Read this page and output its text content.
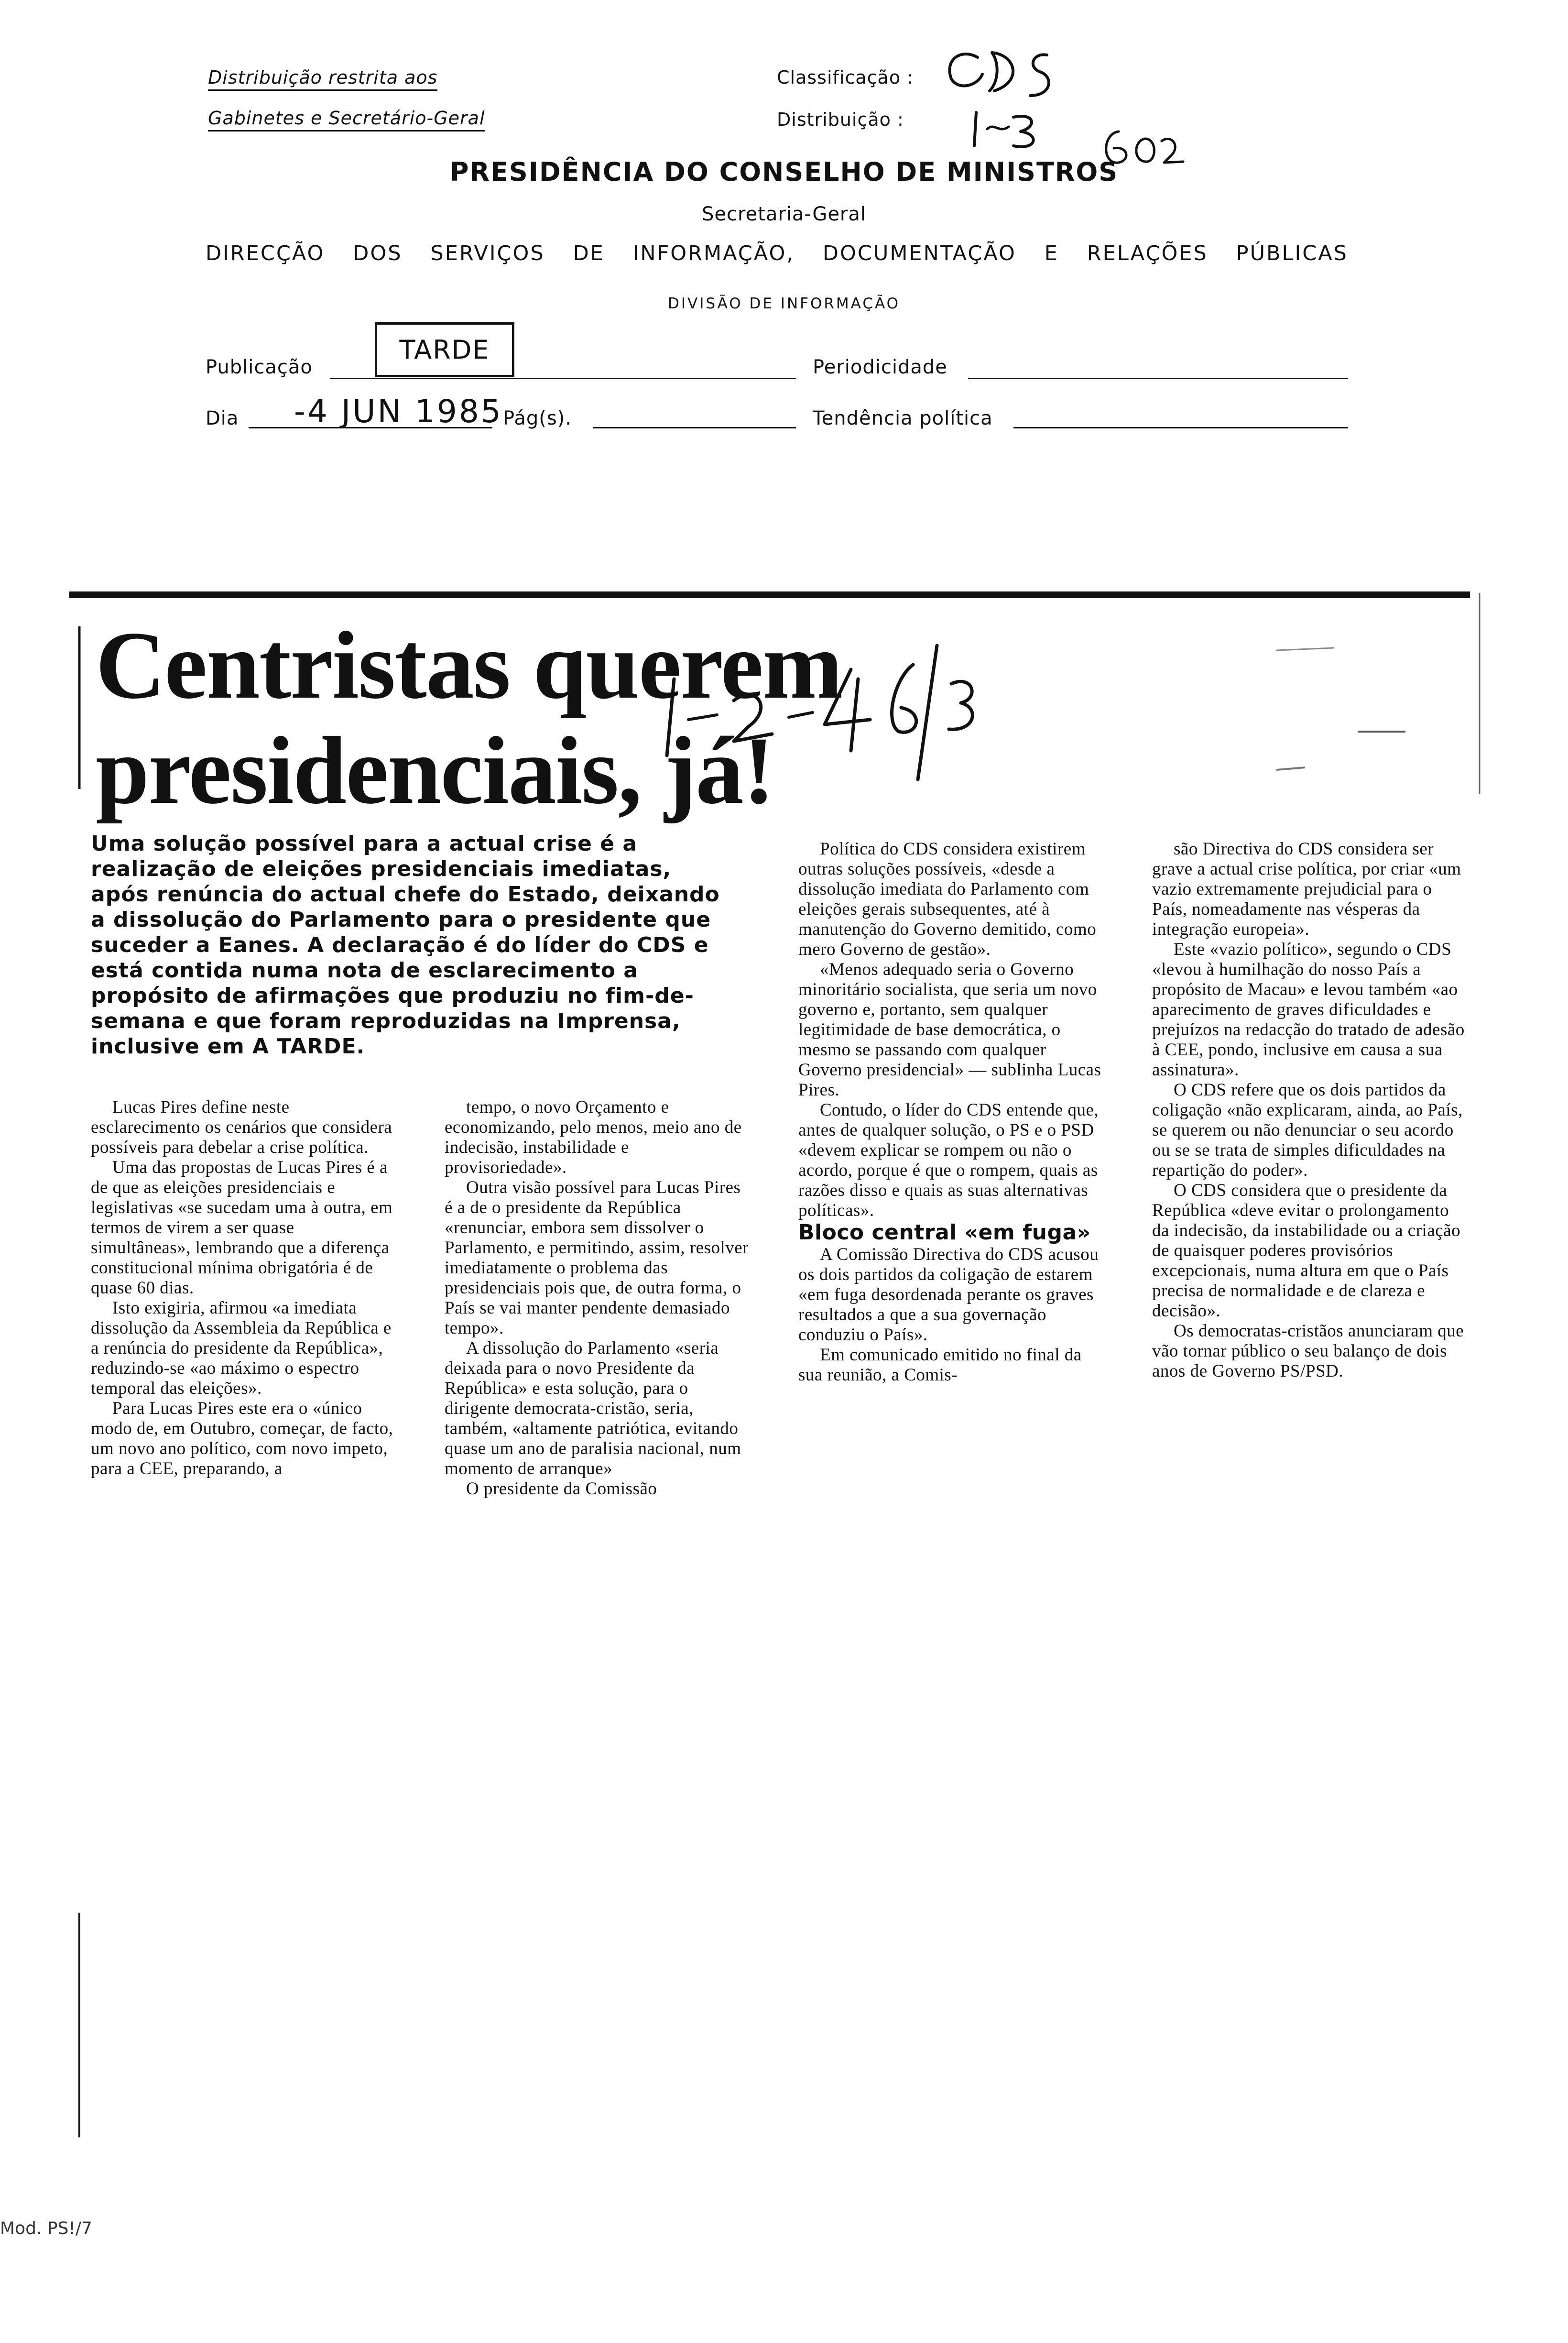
Distribuição restrita aos
Gabinetes e Secretário-Geral
Classificação :
Distribuição :
PRESIDÊNCIA DO CONSELHO DE MINISTROS
Secretaria-Geral
DIRECÇÃO DOS SERVIÇOS DE INFORMAÇÃO, DOCUMENTAÇÃO E RELAÇÕES PÚBLICAS
DIVISÃO DE INFORMAÇÃO
Publicação
TARDE
Periodicidade
Dia -4 JUN 1985 Pág(s).	Tendência política
Centristas querem
presidenciais, já!
Uma solução possível para a actual crise é a realização de eleições presidenciais imediatas, após renúncia do actual chefe do Estado, deixando a dissolução do Parlamento para o presidente que suceder a Eanes. A declaração é do líder do CDS e está contida numa nota de esclarecimento a propósito de afirmações que produziu no fim-de-semana e que foram reproduzidas na Imprensa, inclusive em A TARDE.

Lucas Pires define neste esclarecimento os cenários que considera possíveis para debelar a crise política.

Uma das propostas de Lucas Pires é a de que as eleições presidenciais e legislativas «se sucedam uma à outra, em termos de virem a ser quase simultâneas», lembrando que a diferença constitucional mínima obrigatória é de quase 60 dias.

Isto exigiria, afirmou «a imediata dissolução da Assembleia da República e a renúncia do presidente da República», reduzindo-se «ao máximo o espectro temporal das eleições».

Para Lucas Pires este era o «único modo de, em Outubro, começar, de facto, um novo ano político, com novo impeto, para a CEE, preparando, a

tempo, o novo Orçamento e economizando, pelo menos, meio ano de indecisão, instabilidade e provisoriedade».

Outra visão possível para Lucas Pires é a de o presidente da República «renunciar, embora sem dissolver o Parlamento, e permitindo, assim, resolver imediatamente o problema das presidenciais pois que, de outra forma, o País se vai manter pendente demasiado tempo».

A dissolução do Parlamento «seria deixada para o novo Presidente da República» e esta solução, para o dirigente democrata-cristão, seria, também, «altamente patriótica, evitando quase um ano de paralisia nacional, num momento de arranque»

O presidente da Comissão

Política do CDS considera existirem outras soluções possíveis, «desde a dissolução imediata do Parlamento com eleições gerais subsequentes, até à manutenção do Governo demitido, como mero Governo de gestão».

«Menos adequado seria o Governo minoritário socialista, que seria um novo governo e, portanto, sem qualquer legitimidade de base democrática, o mesmo se passando com qualquer Governo presidencial» — sublinha Lucas Pires.

Contudo, o líder do CDS entende que, antes de qualquer solução, o PS e o PSD «devem explicar se rompem ou não o acordo, porque é que o rompem, quais as razões disso e quais as suas alternativas políticas».

Bloco central «em fuga»

A Comissão Directiva do CDS acusou os dois partidos da coligação de estarem «em fuga desordenada perante os graves resultados a que a sua governação conduziu o País».

Em comunicado emitido no final da sua reunião, a Comis-

são Directiva do CDS considera ser grave a actual crise política, por criar «um vazio extremamente prejudicial para o País, nomeadamente nas vésperas da integração europeia».

Este «vazio político», segundo o CDS «levou à humilhação do nosso País a propósito de Macau» e levou também «ao aparecimento de graves dificuldades e prejuízos na redacção do tratado de adesão à CEE, pondo, inclusive em causa a sua assinatura».

O CDS refere que os dois partidos da coligação «não explicaram, ainda, ao País, se querem ou não denunciar o seu acordo ou se se trata de simples dificuldades na repartição do poder».

O CDS considera que o presidente da República «deve evitar o prolongamento da indecisão, da instabilidade ou a criação de quaisquer poderes provisórios excepcionais, numa altura em que o País precisa de normalidade e de clareza e decisão».

Os democratas-cristãos anunciaram que vão tornar público o seu balanço de dois anos de Governo PS/PSD.

Mod. PS!/7
